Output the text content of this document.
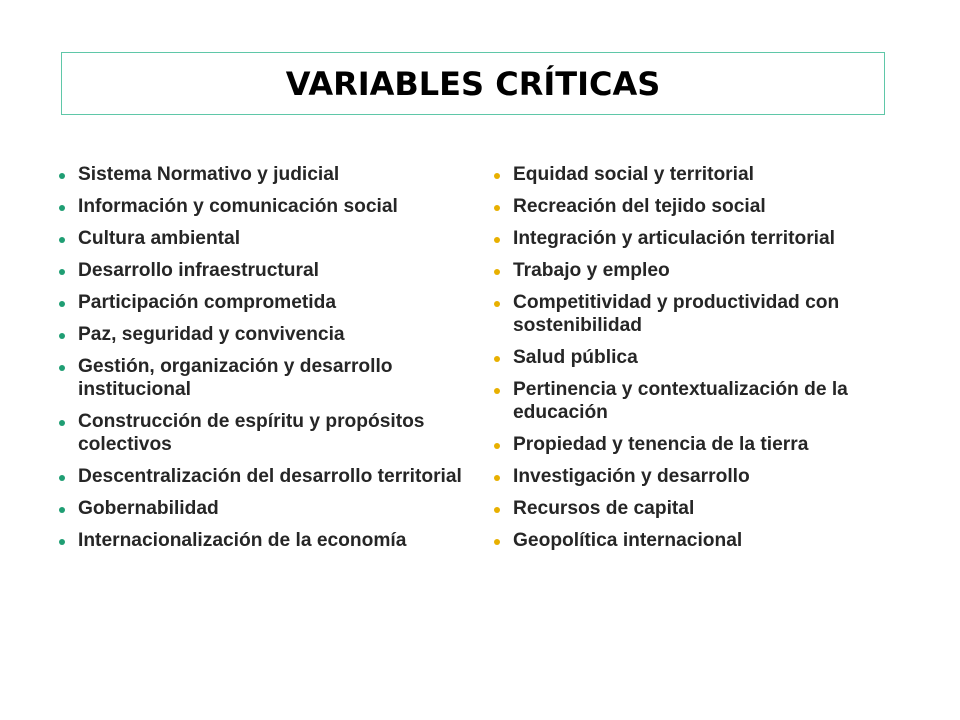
VARIABLES CRÍTICAS
Sistema Normativo y judicial
Información y comunicación social
Cultura ambiental
Desarrollo infraestructural
Participación comprometida
Paz, seguridad y convivencia
Gestión, organización y desarrollo institucional
Construcción de espíritu y propósitos colectivos
Descentralización del desarrollo territorial
Gobernabilidad
Internacionalización de la economía
Equidad social y territorial
Recreación del tejido social
Integración y articulación territorial
Trabajo y empleo
Competitividad y productividad con sostenibilidad
Salud pública
Pertinencia y contextualización de la educación
Propiedad y tenencia de la tierra
Investigación y desarrollo
Recursos de capital
Geopolítica internacional
